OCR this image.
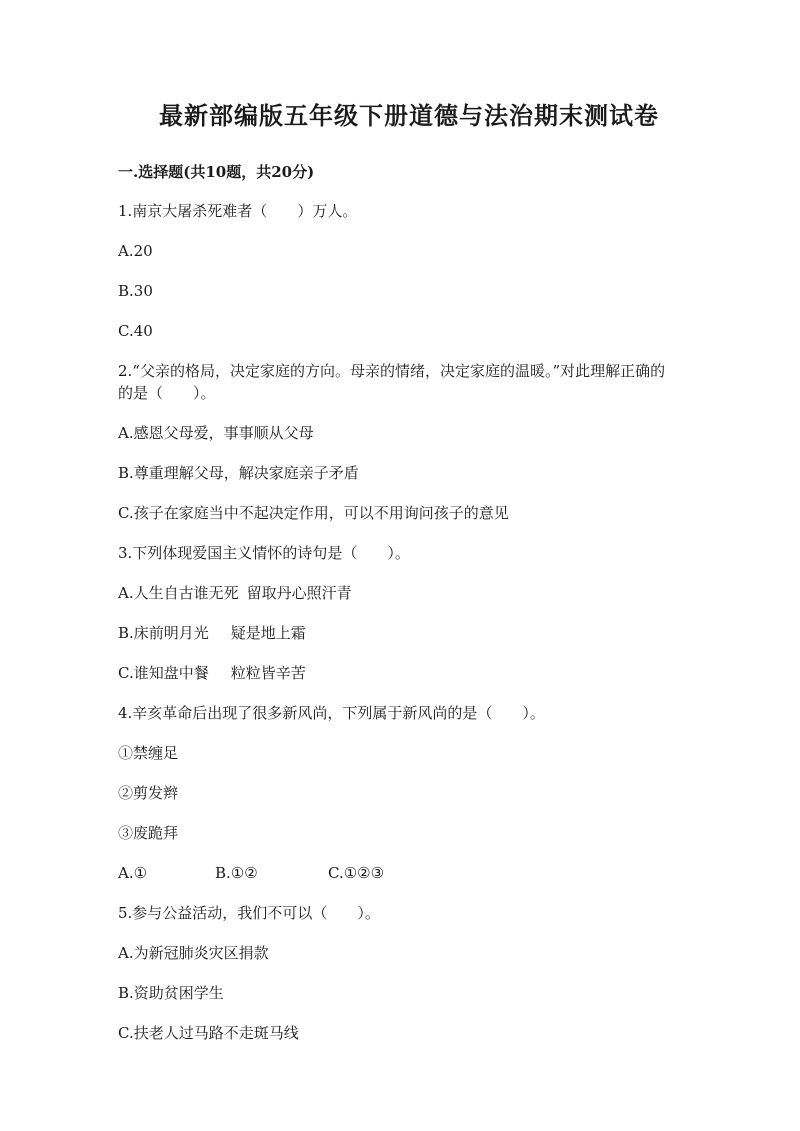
最新部编版五年级下册道德与法治期末测试卷
一.选择题(共10题，共20分)
1.南京大屠杀死难者（　　）万人。
A.20
B.30
C.40
2.“父亲的格局，决定家庭的方向。母亲的情绪，决定家庭的温暖。”对此理解正确的的是（　　）。
A.感恩父母爱，事事顺从父母
B.尊重理解父母，解决家庭亲子矛盾
C.孩子在家庭当中不起决定作用，可以不用询问孩子的意见
3.下列体现爱国主义情怀的诗句是（　　）。
A.人生自古谁无死 留取丹心照汗青
B.床前明月光 疑是地上霜
C.谁知盘中餐 粒粒皆辛苦
4.辛亥革命后出现了很多新风尚，下列属于新风尚的是（　　）。
①禁缠足
②剪发辫
③废跪拜
A.①	B.①②	C.①②③
5.参与公益活动，我们不可以（　　）。
A.为新冠肺炎灾区捐款
B.资助贫困学生
C.扶老人过马路不走斑马线
